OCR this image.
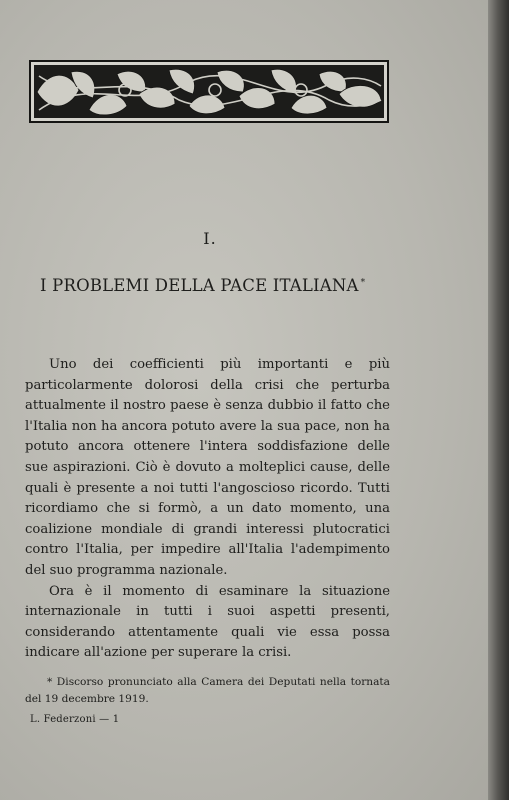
I.
I PROBLEMI DELLA PACE ITALIANA *

Uno dei coefficienti più importanti e più particolarmente dolorosi della crisi che perturba attualmente il nostro paese è senza dubbio il fatto che l'Italia non ha ancora potuto avere la sua pace, non ha potuto ancora ottenere l'intera soddisfazione delle sue aspirazioni. Ciò è dovuto a molteplici cause, delle quali è presente a noi tutti l'angoscioso ricordo. Tutti ricordiamo che si formò, a un dato momento, una coalizione mondiale di grandi interessi plutocratici contro l'Italia, per impedire all'Italia l'adempimento del suo programma nazionale.

Ora è il momento di esaminare la situazione internazionale in tutti i suoi aspetti presenti, considerando attentamente quali vie essa possa indicare all'azione per superare la crisi.

* Discorso pronunciato alla Camera dei Deputati nella tornata del 19 decembre 1919.
L. Federzoni — 1
